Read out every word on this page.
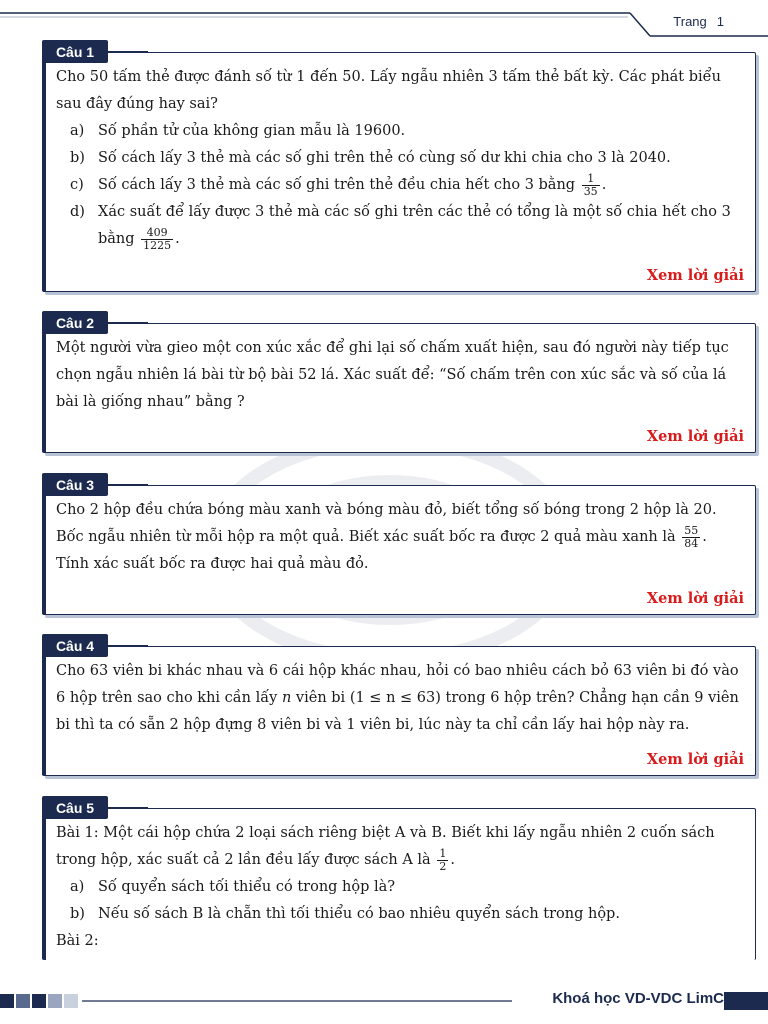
Trang 1
Câu 1

Cho 50 tấm thẻ được đánh số từ 1 đến 50. Lấy ngẫu nhiên 3 tấm thẻ bất kỳ. Các phát biểu sau đây đúng hay sai?

a) Số phần tử của không gian mẫu là 19600.
b) Số cách lấy 3 thẻ mà các số ghi trên thẻ có cùng số dư khi chia cho 3 là 2040.
c) Số cách lấy 3 thẻ mà các số ghi trên thẻ đều chia hết cho 3 bằng $\frac{1}{35}$ .
d) Xác suất để lấy được 3 thẻ mà các số ghi trên các thẻ có tổng là một số chia hết cho 3 bằng $\frac{409}{1225}$ .
Xem lời giải
Câu 2

Một người vừa gieo một con xúc xắc để ghi lại số chấm xuất hiện, sau đó người này tiếp tục chọn ngẫu nhiên lá bài từ bộ bài 52 lá. Xác suất để: “Số chấm trên con xúc sắc và số của lá bài là giống nhau” bằng ?

Xem lời giải
Câu 3

Cho 2 hộp đều chứa bóng màu xanh và bóng màu đỏ, biết tổng số bóng trong 2 hộp là 20. Bốc ngẫu nhiên từ mỗi hộp ra một quả. Biết xác suất bốc ra được 2 quả màu xanh là $\frac{55}{84}$ . Tính xác suất bốc ra được hai quả màu đỏ.

Xem lời giải
Câu 4

Cho 63 viên bi khác nhau và 6 cái hộp khác nhau, hỏi có bao nhiêu cách bỏ 63 viên bi đó vào 6 hộp trên sao cho khi cần lấy n viên bi (1 ≤ n ≤ 63) trong 6 hộp trên? Chẳng hạn cần 9 viên bi thì ta có sẵn 2 hộp đựng 8 viên bi và 1 viên bi, lúc này ta chỉ cần lấy hai hộp này ra.

Xem lời giải
Câu 5

Bài 1: Một cái hộp chứa 2 loại sách riêng biệt A và B. Biết khi lấy ngẫu nhiên 2 cuốn sách trong hộp, xác suất cả 2 lần đều lấy được sách A là $\frac{1}{2}$ .

a) Số quyển sách tối thiểu có trong hộp là?
b) Nếu số sách B là chẵn thì tối thiểu có bao nhiêu quyển sách trong hộp.

Bài 2:

Khoá học VD-VDC LimC
